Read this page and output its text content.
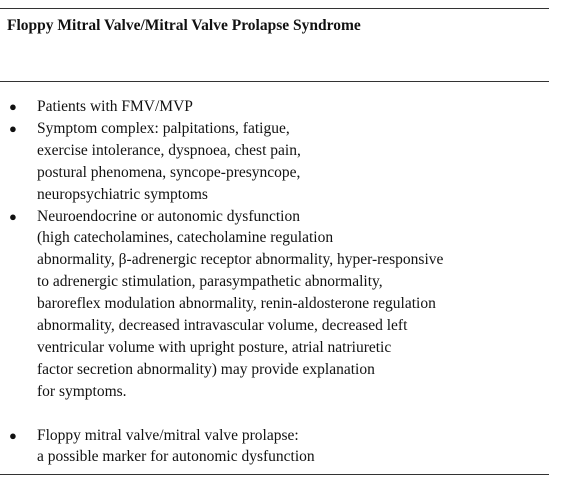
Floppy Mitral Valve/Mitral Valve Prolapse Syndrome
● Patients with FMV/MVP
● Symptom complex: palpitations, fatigue,
exercise intolerance, dyspnoea, chest pain,
postural phenomena, syncope-presyncope,
neuropsychiatric symptoms
● Neuroendocrine or autonomic dysfunction
(high catecholamines, catecholamine regulation
abnormality, β-adrenergic receptor abnormality, hyper-responsive
to adrenergic stimulation, parasympathetic abnormality,
baroreflex modulation abnormality, renin-aldosterone regulation
abnormality, decreased intravascular volume, decreased left
ventricular volume with upright posture, atrial natriuretic
factor secretion abnormality) may provide explanation
for symptoms.
● Floppy mitral valve/mitral valve prolapse:
a possible marker for autonomic dysfunction
